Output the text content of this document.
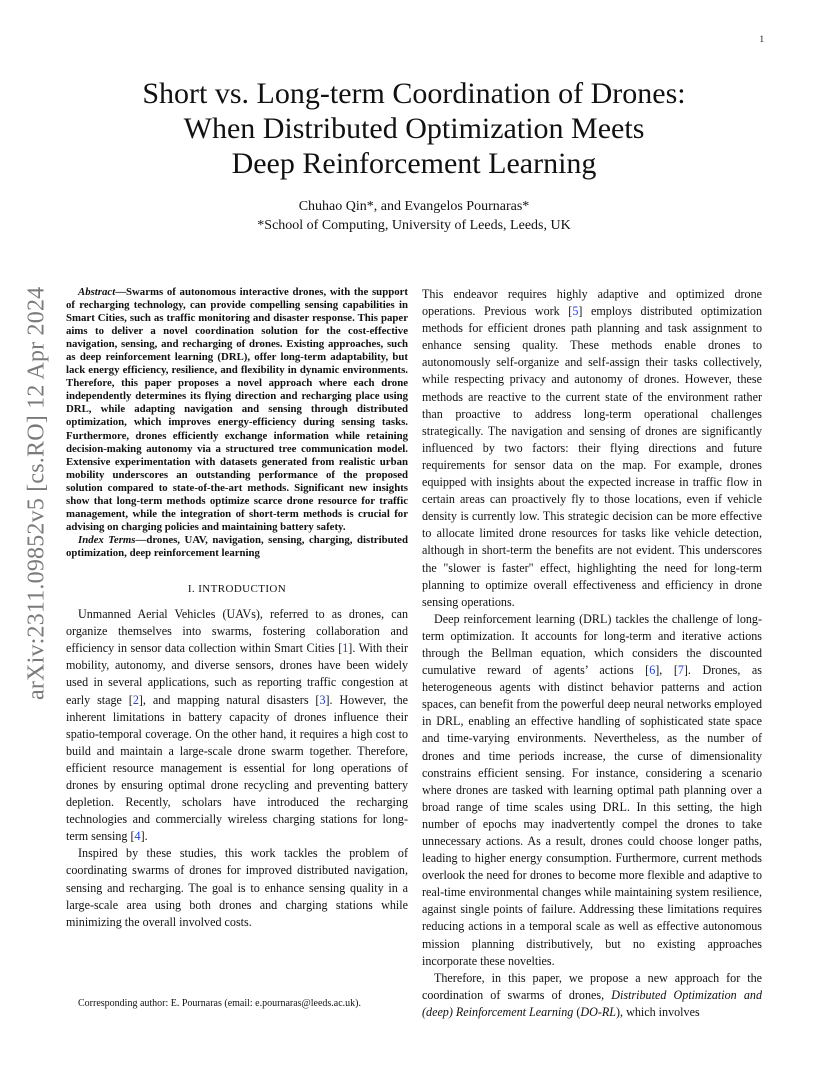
1
arXiv:2311.09852v5 [cs.RO] 12 Apr 2024
Short vs. Long-term Coordination of Drones:
When Distributed Optimization Meets
Deep Reinforcement Learning
Chuhao Qin*, and Evangelos Pournaras*
*School of Computing, University of Leeds, Leeds, UK

Abstract—Swarms of autonomous interactive drones, with the support of recharging technology, can provide compelling sensing capabilities in Smart Cities, such as traffic monitoring and disaster response. This paper aims to deliver a novel coordination solution for the cost-effective navigation, sensing, and recharging of drones. Existing approaches, such as deep reinforcement learning (DRL), offer long-term adaptability, but lack energy efficiency, resilience, and flexibility in dynamic environments. Therefore, this paper proposes a novel approach where each drone independently determines its flying direction and recharging place using DRL, while adapting navigation and sensing through distributed optimization, which improves energy-efficiency during sensing tasks. Furthermore, drones efficiently exchange information while retaining decision-making autonomy via a structured tree communication model. Extensive experimentation with datasets generated from realistic urban mobility underscores an outstanding performance of the proposed solution compared to state-of-the-art methods. Significant new insights show that long-term methods optimize scarce drone resource for traffic management, while the integration of short-term methods is crucial for advising on charging policies and maintaining battery safety.

Index Terms—drones, UAV, navigation, sensing, charging, distributed optimization, deep reinforcement learning

I. INTRODUCTION

Unmanned Aerial Vehicles (UAVs), referred to as drones, can organize themselves into swarms, fostering collaboration and efficiency in sensor data collection within Smart Cities [1]. With their mobility, autonomy, and diverse sensors, drones have been widely used in several applications, such as reporting traffic congestion at early stage [2], and mapping natural disasters [3]. However, the inherent limitations in battery capacity of drones influence their spatio-temporal coverage. On the other hand, it requires a high cost to build and maintain a large-scale drone swarm together. Therefore, efficient resource management is essential for long operations of drones by ensuring optimal drone recycling and preventing battery depletion. Recently, scholars have introduced the recharging technologies and commercially wireless charging stations for long-term sensing [4].

Inspired by these studies, this work tackles the problem of coordinating swarms of drones for improved distributed navigation, sensing and recharging. The goal is to enhance sensing quality in a large-scale area using both drones and charging stations while minimizing the overall involved costs.

Corresponding author: E. Pournaras (email: e.pournaras@leeds.ac.uk).

This endeavor requires highly adaptive and optimized drone operations. Previous work [5] employs distributed optimization methods for efficient drones path planning and task assignment to enhance sensing quality. These methods enable drones to autonomously self-organize and self-assign their tasks collectively, while respecting privacy and autonomy of drones. However, these methods are reactive to the current state of the environment rather than proactive to address long-term operational challenges strategically. The navigation and sensing of drones are significantly influenced by two factors: their flying directions and future requirements for sensor data on the map. For example, drones equipped with insights about the expected increase in traffic flow in certain areas can proactively fly to those locations, even if vehicle density is currently low. This strategic decision can be more effective to allocate limited drone resources for tasks like vehicle detection, although in short-term the benefits are not evident. This underscores the "slower is faster" effect, highlighting the need for long-term planning to optimize overall effectiveness and efficiency in drone sensing operations.

Deep reinforcement learning (DRL) tackles the challenge of long-term optimization. It accounts for long-term and iterative actions through the Bellman equation, which considers the discounted cumulative reward of agents’ actions [6], [7]. Drones, as heterogeneous agents with distinct behavior patterns and action spaces, can benefit from the powerful deep neural networks employed in DRL, enabling an effective handling of sophisticated state space and time-varying environments. Nevertheless, as the number of drones and time periods increase, the curse of dimensionality constrains efficient sensing. For instance, considering a scenario where drones are tasked with learning optimal path planning over a broad range of time scales using DRL. In this setting, the high number of epochs may inadvertently compel the drones to take unnecessary actions. As a result, drones could choose longer paths, leading to higher energy consumption. Furthermore, current methods overlook the need for drones to become more flexible and adaptive to real-time environmental changes while maintaining system resilience, against single points of failure. Addressing these limitations requires reducing actions in a temporal scale as well as effective autonomous mission planning distributively, but no existing approaches incorporate these novelties.

Therefore, in this paper, we propose a new approach for the coordination of swarms of drones, Distributed Optimization and (deep) Reinforcement Learning (DO-RL), which involves
